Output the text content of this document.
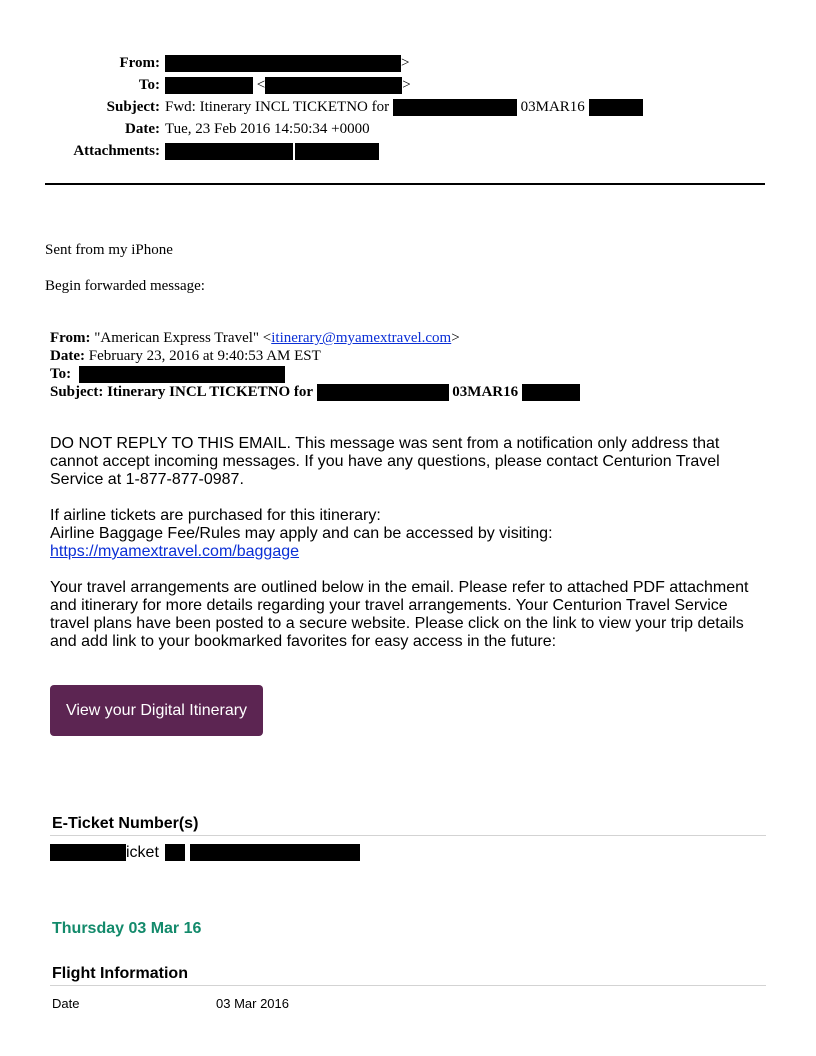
From:	>
To:	<	>
Subject: Fwd: Itinerary INCL TICKETNO for	03MAR16
Date: Tue, 23 Feb 2016 14:50:34 +0000
Attachments:
Sent from my iPhone
Begin forwarded message:
From: "American Express Travel" <itinerary@myamextravel.com>
Date: February 23, 2016 at 9:40:53 AM EST
To:
Subject: Itinerary INCL TICKETNO for	03MAR16
DO NOT REPLY TO THIS EMAIL. This message was sent from a notification only address that
cannot accept incoming messages. If you have any questions, please contact Centurion Travel
Service at 1-877-877-0987.
If airline tickets are purchased for this itinerary:
Airline Baggage Fee/Rules may apply and can be accessed by visiting:
https://myamextravel.com/baggage
Your travel arrangements are outlined below in the email. Please refer to attached PDF attachment
and itinerary for more details regarding your travel arrangements. Your Centurion Travel Service
travel plans have been posted to a secure website. Please click on the link to view your trip details
and add link to your bookmarked favorites for easy access in the future:
View your Digital Itinerary
E-Ticket Number(s)
icket
Thursday 03 Mar 16
Flight Information
Date	03 Mar 2016
